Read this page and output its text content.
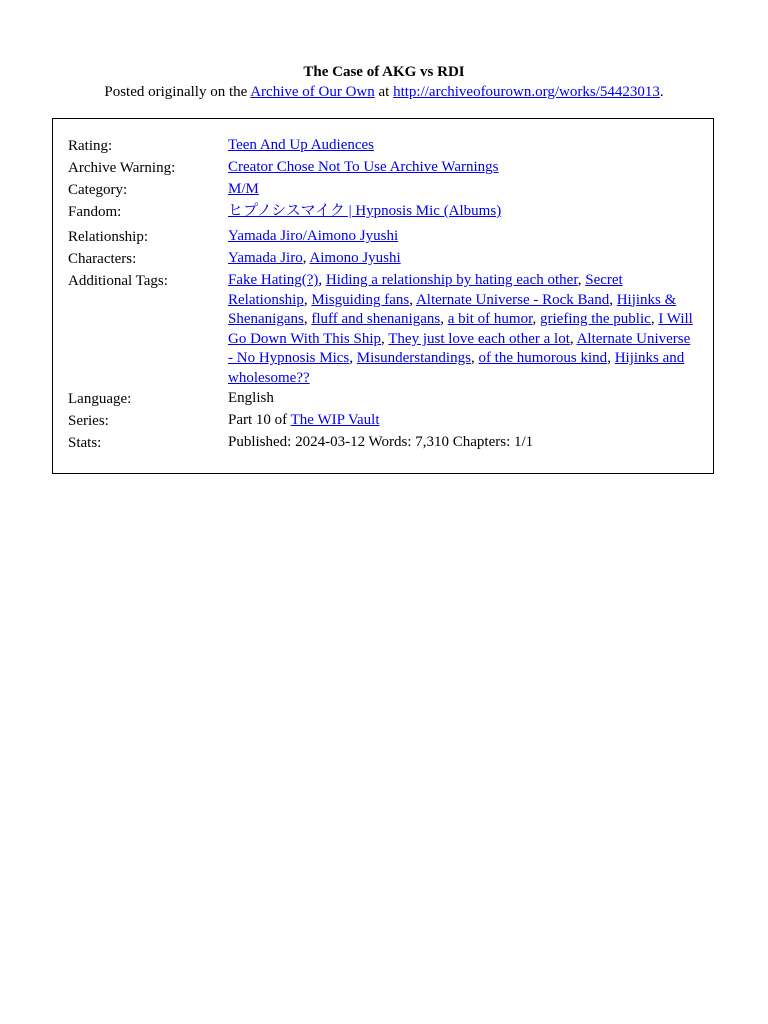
The Case of AKG vs RDI
Posted originally on the Archive of Our Own at http://archiveofourown.org/works/54423013.
Rating:	Teen And Up Audiences
Archive Warning:	Creator Chose Not To Use Archive Warnings
Category:	M/M
Fandom:	ヒプノシスマイク | Hypnosis Mic (Albums)
Relationship:	Yamada Jiro/Aimono Jyushi
Characters:	Yamada Jiro, Aimono Jyushi
Additional Tags:	Fake Hating(?), Hiding a relationship by hating each other, Secret Relationship, Misguiding fans, Alternate Universe - Rock Band, Hijinks & Shenanigans, fluff and shenanigans, a bit of humor, griefing the public, I Will Go Down With This Ship, They just love each other a lot, Alternate Universe - No Hypnosis Mics, Misunderstandings, of the humorous kind, Hijinks and wholesome??
Language:	English
Series:	Part 10 of The WIP Vault
Stats:	Published: 2024-03-12 Words: 7,310 Chapters: 1/1
